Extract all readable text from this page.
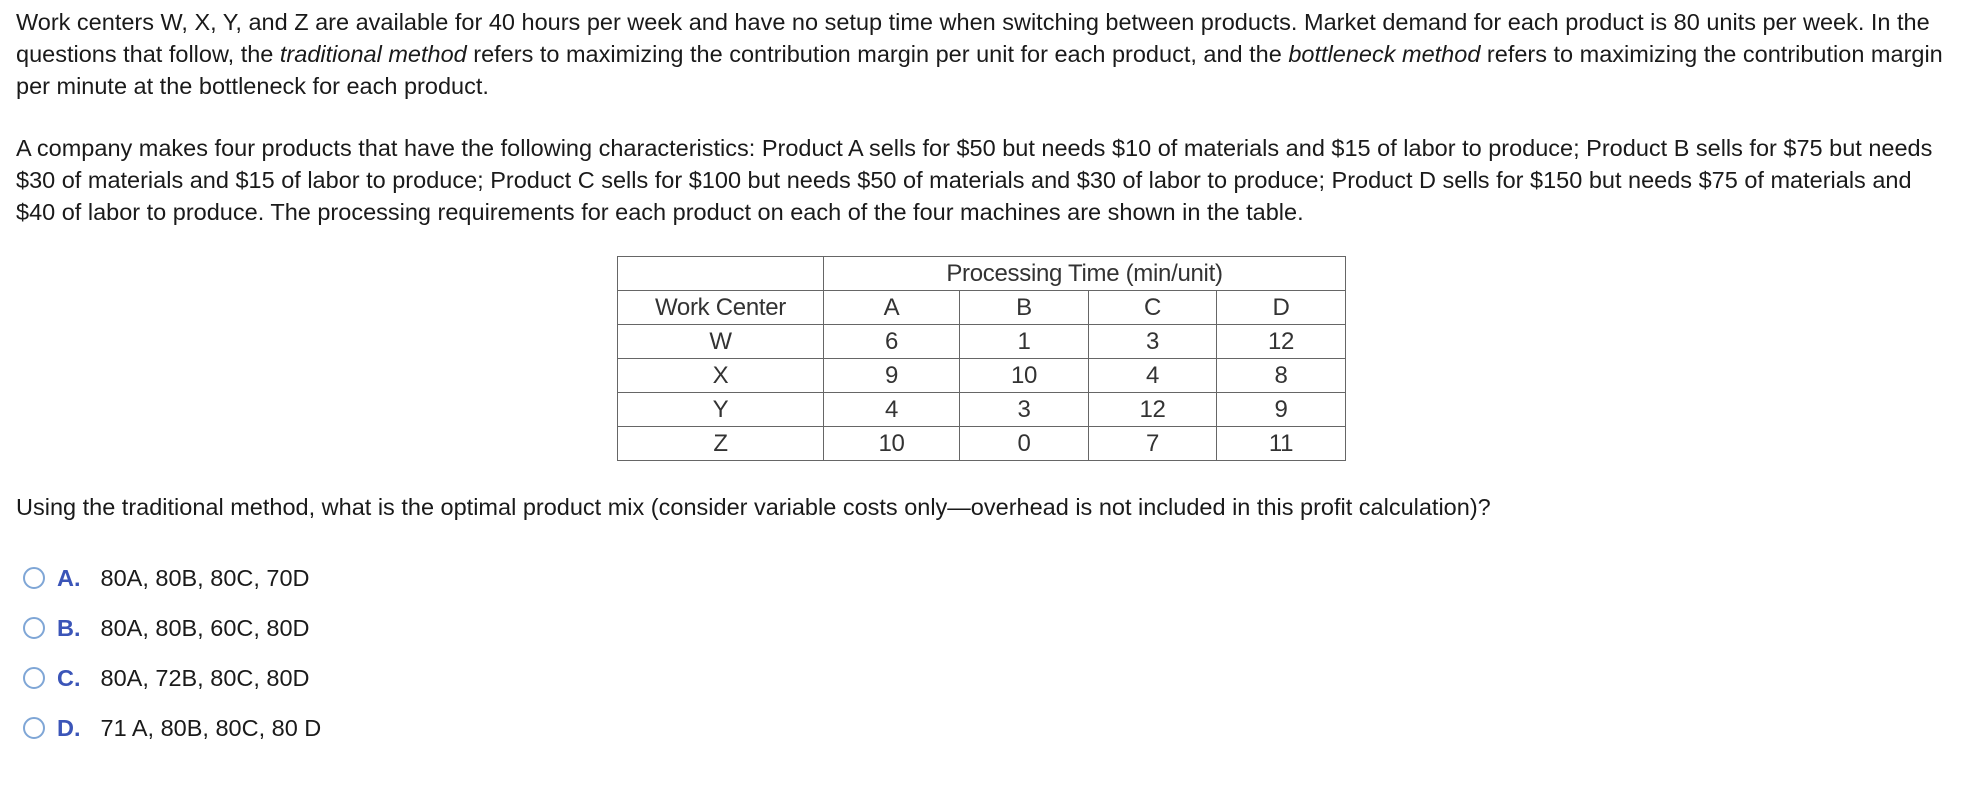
Work centers W, X, Y, and Z are available for 40 hours per week and have no setup time when switching between products. Market demand for each product is 80 units per week. In the questions that follow, the traditional method refers to maximizing the contribution margin per unit for each product, and the bottleneck method refers to maximizing the contribution margin per minute at the bottleneck for each product.

A company makes four products that have the following characteristics: Product A sells for $50 but needs $10 of materials and $15 of labor to produce; Product B sells for $75 but needs $30 of materials and $15 of labor to produce; Product C sells for $100 but needs $50 of materials and $30 of labor to produce; Product D sells for $150 but needs $75 of materials and $40 of labor to produce. The processing requirements for each product on each of the four machines are shown in the table.

	Processing Time (min/unit)			
Work Center	A	B	C	D
W	6	1	3	12
X	9	10	4	8
Y	4	3	12	9
Z	10	0	7	11

Using the traditional method, what is the optimal product mix (consider variable costs only—overhead is not included in this profit calculation)?

A. 80A, 80B, 80C, 70D
B. 80A, 80B, 60C, 80D
C. 80A, 72B, 80C, 80D
D. 71 A, 80B, 80C, 80 D
